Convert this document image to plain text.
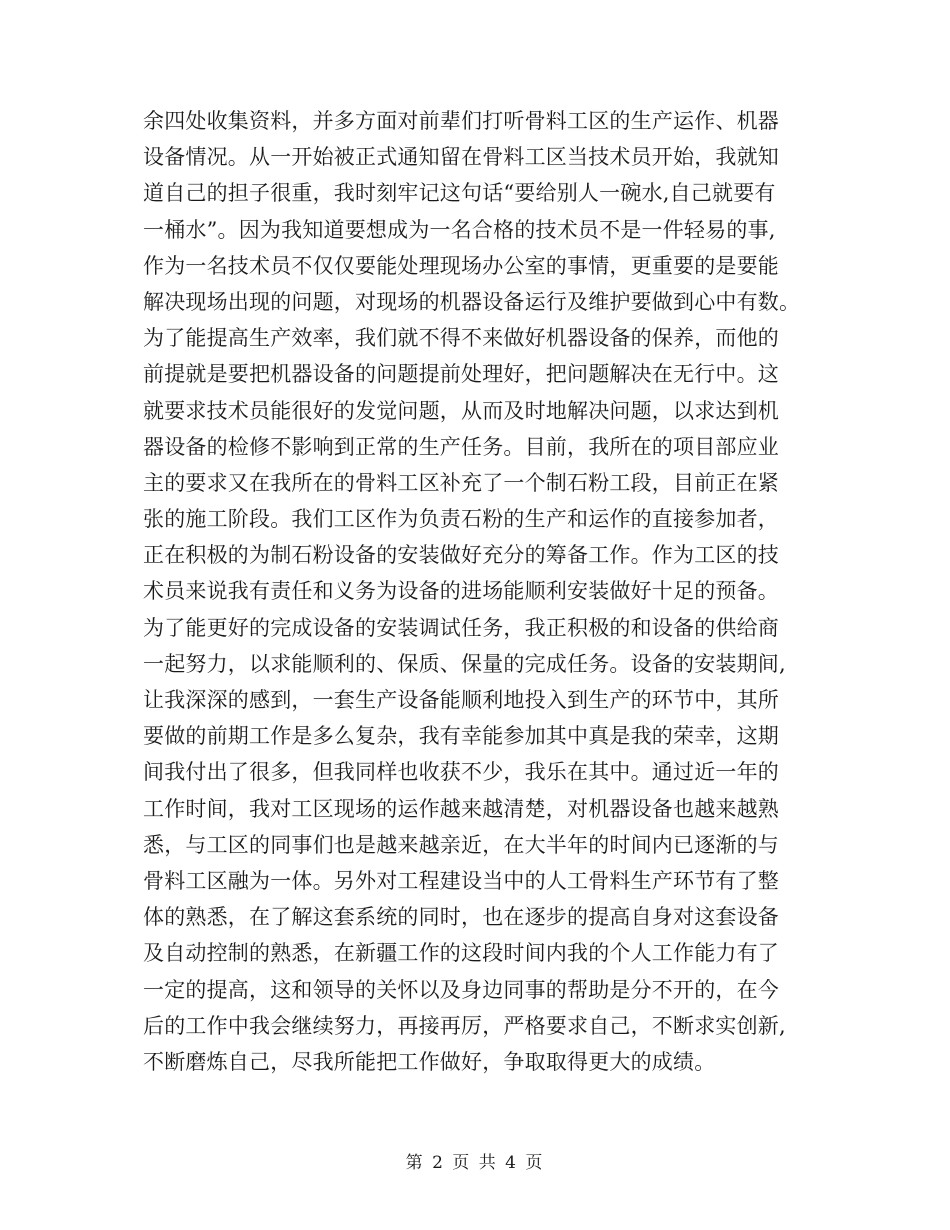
余四处收集资料，并多方面对前辈们打听骨料工区的生产运作、机器
设备情况。从一开始被正式通知留在骨料工区当技术员开始，我就知
道自己的担子很重，我时刻牢记这句话“要给别人一碗水,自己就要有
一桶水”。因为我知道要想成为一名合格的技术员不是一件轻易的事,
作为一名技术员不仅仅要能处理现场办公室的事情，更重要的是要能
解决现场出现的问题，对现场的机器设备运行及维护要做到心中有数。
为了能提高生产效率，我们就不得不来做好机器设备的保养，而他的
前提就是要把机器设备的问题提前处理好，把问题解决在无行中。这
就要求技术员能很好的发觉问题，从而及时地解决问题，以求达到机
器设备的检修不影响到正常的生产任务。目前，我所在的项目部应业
主的要求又在我所在的骨料工区补充了一个制石粉工段，目前正在紧
张的施工阶段。我们工区作为负责石粉的生产和运作的直接参加者，
正在积极的为制石粉设备的安装做好充分的筹备工作。作为工区的技
术员来说我有责任和义务为设备的进场能顺利安装做好十足的预备。
为了能更好的完成设备的安装调试任务，我正积极的和设备的供给商
一起努力，以求能顺利的、保质、保量的完成任务。设备的安装期间,
让我深深的感到，一套生产设备能顺利地投入到生产的环节中，其所
要做的前期工作是多么复杂，我有幸能参加其中真是我的荣幸，这期
间我付出了很多，但我同样也收获不少，我乐在其中。通过近一年的
工作时间，我对工区现场的运作越来越清楚，对机器设备也越来越熟
悉，与工区的同事们也是越来越亲近，在大半年的时间内已逐渐的与
骨料工区融为一体。另外对工程建设当中的人工骨料生产环节有了整
体的熟悉，在了解这套系统的同时，也在逐步的提高自身对这套设备
及自动控制的熟悉，在新疆工作的这段时间内我的个人工作能力有了
一定的提高，这和领导的关怀以及身边同事的帮助是分不开的，在今
后的工作中我会继续努力，再接再厉，严格要求自己，不断求实创新,
不断磨炼自己，尽我所能把工作做好，争取取得更大的成绩。
第 2 页 共 4 页
